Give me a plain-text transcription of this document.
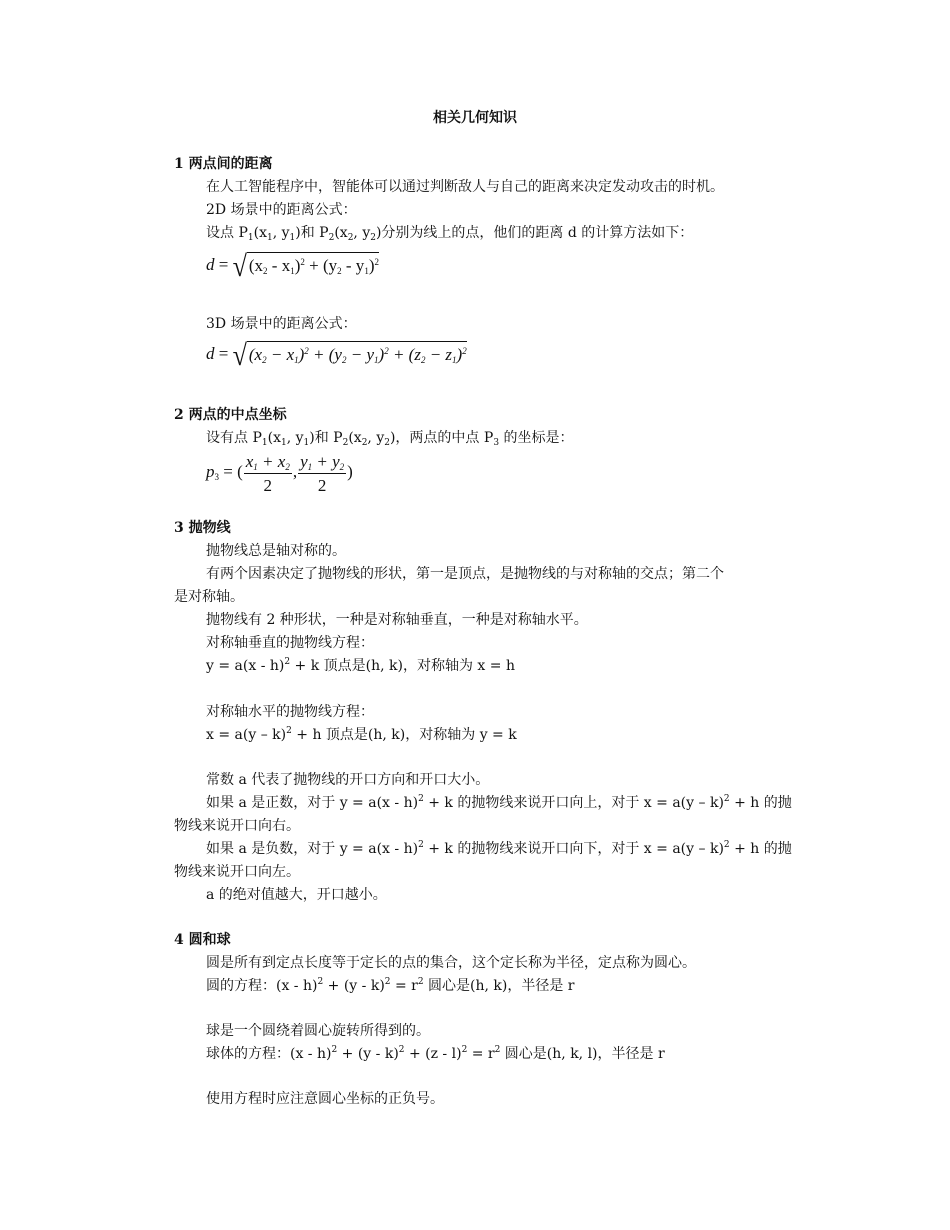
相关几何知识
1 两点间的距离
在人工智能程序中，智能体可以通过判断敌人与自己的距离来决定发动攻击的时机。
2D 场景中的距离公式：
设点 $P_1(x_1$, $y_1$)和 $P_2(x_2$, $y_2$)分别为线上的点，他们的距离 d 的计算方法如下：
d = √ $(x_2 - x_1)^2 + (y_2 - y_1)^2$
3D 场景中的距离公式：
d = √ $(x_2 - x_1)^2 + (y_2 - y_1)^2 + (z_2 - z_1)^2$
2 两点的中点坐标
设有点 $P_1(x_1$, $y_1$)和 $P_2(x_2$, $y_2$)，两点的中点 $P_3$ 的坐标是：
$p_3$ = ( $\frac{x_1 + x_2}{2}$ , $\frac{y_1 + y_2}{2}$ )
3 抛物线
抛物线总是轴对称的。
有两个因素决定了抛物线的形状，第一是顶点，是抛物线的与对称轴的交点；第二个
是对称轴。
抛物线有 2 种形状，一种是对称轴垂直，一种是对称轴水平。
对称轴垂直的抛物线方程：
y = a(x - h)$^2$ + k 顶点是(h, k)，对称轴为 x = h
对称轴水平的抛物线方程：
x = a(y – k)$^2$ + h 顶点是(h, k)，对称轴为 y = k
常数 a 代表了抛物线的开口方向和开口大小。
如果 a 是正数，对于 y = a(x - h)$^2$ + k 的抛物线来说开口向上，对于 x = a(y – k)$^2$ + h 的抛
物线来说开口向右。
如果 a 是负数，对于 y = a(x - h)$^2$ + k 的抛物线来说开口向下，对于 x = a(y – k)$^2$ + h 的抛
物线来说开口向左。
a 的绝对值越大，开口越小。
4 圆和球
圆是所有到定点长度等于定长的点的集合，这个定长称为半径，定点称为圆心。
圆的方程：$(x - h)^2 + (y - k)^2 = r^2$ 圆心是(h, k)，半径是 r
球是一个圆绕着圆心旋转所得到的。
球体的方程：$(x - h)^2 + (y - k)^2 + (z - l)^2 = r^2$ 圆心是(h, k, l)，半径是 r
使用方程时应注意圆心坐标的正负号。
